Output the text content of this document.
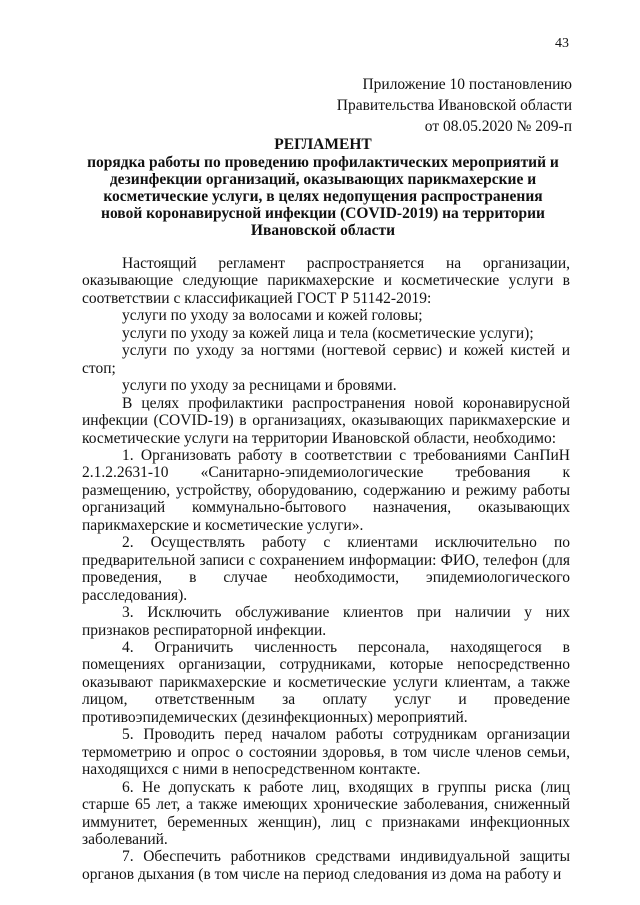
43
Приложение 10 постановлению
Правительства Ивановской области
от 08.05.2020 № 209-п
РЕГЛАМЕНТ
порядка работы по проведению профилактических мероприятий и дезинфекции организаций, оказывающих парикмахерские и косметические услуги, в целях недопущения распространения новой коронавирусной инфекции (COVID-2019) на территории Ивановской области

Настоящий регламент распространяется на организации, оказывающие следующие парикмахерские и косметические услуги в соответствии с классификацией ГОСТ Р 51142-2019:

услуги по уходу за волосами и кожей головы;

услуги по уходу за кожей лица и тела (косметические услуги);

услуги по уходу за ногтями (ногтевой сервис) и кожей кистей и стоп;

услуги по уходу за ресницами и бровями.

В целях профилактики распространения новой коронавирусной инфекции (COVID-19) в организациях, оказывающих парикмахерские и косметические услуги на территории Ивановской области, необходимо:

1. Организовать работу в соответствии с требованиями СанПиН 2.1.2.2631-10 «Санитарно-эпидемиологические требования к размещению, устройству, оборудованию, содержанию и режиму работы организаций коммунально-бытового назначения, оказывающих парикмахерские и косметические услуги».

2. Осуществлять работу с клиентами исключительно по предварительной записи с сохранением информации: ФИО, телефон (для проведения, в случае необходимости, эпидемиологического расследования).

3. Исключить обслуживание клиентов при наличии у них признаков респираторной инфекции.

4. Ограничить численность персонала, находящегося в помещениях организации, сотрудниками, которые непосредственно оказывают парикмахерские и косметические услуги клиентам, а также лицом, ответственным за оплату услуг и проведение противоэпидемических (дезинфекционных) мероприятий.

5. Проводить перед началом работы сотрудникам организации термометрию и опрос о состоянии здоровья, в том числе членов семьи, находящихся с ними в непосредственном контакте.

6. Не допускать к работе лиц, входящих в группы риска (лиц старше 65 лет, а также имеющих хронические заболевания, сниженный иммунитет, беременных женщин), лиц с признаками инфекционных заболеваний.

7. Обеспечить работников средствами индивидуальной защиты органов дыхания (в том числе на период следования из дома на работу и
